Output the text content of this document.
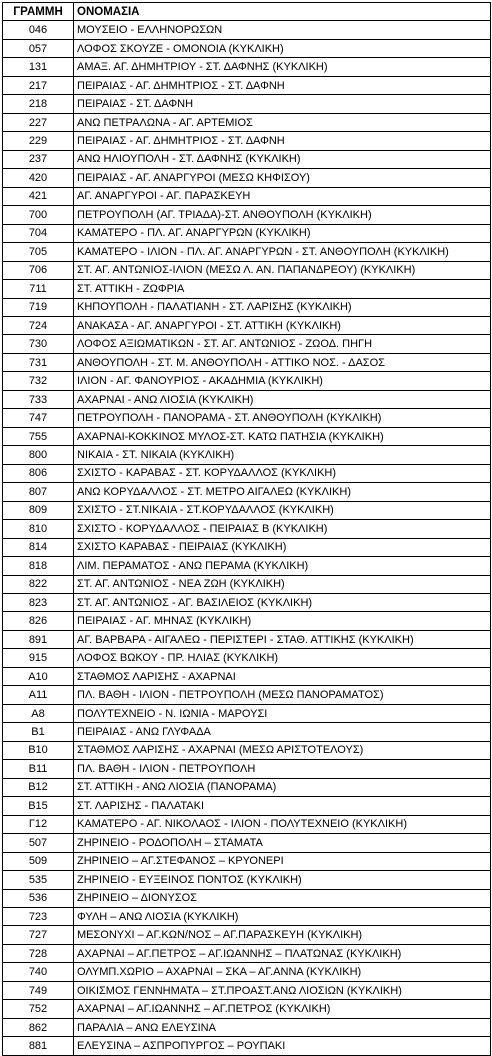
ΓΡΑΜΜΗ	ΟΝΟΜΑΣΙΑ
046	ΜΟΥΣΕΙΟ - ΕΛΛΗΝΟΡΩΣΩΝ
057	ΛΟΦΟΣ ΣΚΟΥΖΕ - ΟΜΟΝΟΙΑ (ΚΥΚΛΙΚΗ)
131	ΑΜΑΞ. ΑΓ. ΔΗΜΗΤΡΙΟΥ - ΣΤ. ΔΑΦΝΗΣ (ΚΥΚΛΙΚΗ)
217	ΠΕΙΡΑΙΑΣ - ΑΓ. ΔΗΜΗΤΡΙΟΣ - ΣΤ. ΔΑΦΝΗ
218	ΠΕΙΡΑΙΑΣ - ΣΤ. ΔΑΦΝΗ
227	ΑΝΩ ΠΕΤΡΑΛΩΝΑ - ΑΓ. ΑΡΤΕΜΙΟΣ
229	ΠΕΙΡΑΙΑΣ - ΑΓ. ΔΗΜΗΤΡΙΟΣ - ΣΤ. ΔΑΦΝΗ
237	ΑΝΩ ΗΛΙΟΥΠΟΛΗ - ΣΤ. ΔΑΦΝΗΣ (ΚΥΚΛΙΚΗ)
420	ΠΕΙΡΑΙΑΣ - ΑΓ. ΑΝΑΡΓΥΡΟΙ (ΜΕΣΩ ΚΗΦΙΣΟΥ)
421	ΑΓ. ΑΝΑΡΓΥΡΟΙ - ΑΓ. ΠΑΡΑΣΚΕΥΗ
700	ΠΕΤΡΟΥΠΟΛΗ (ΑΓ. ΤΡΙΑΔΑ)-ΣΤ. ΑΝΘΟΥΠΟΛΗ (ΚΥΚΛΙΚΗ)
704	ΚΑΜΑΤΕΡΟ - ΠΛ. ΑΓ. ΑΝΑΡΓΥΡΩΝ (ΚΥΚΛΙΚΗ)
705	ΚΑΜΑΤΕΡΟ - ΙΛΙΟΝ - ΠΛ. ΑΓ. ΑΝΑΡΓΥΡΩΝ - ΣΤ. ΑΝΘΟΥΠΟΛΗ (ΚΥΚΛΙΚΗ)
706	ΣΤ. ΑΓ. ΑΝΤΩΝΙΟΣ-ΙΛΙΟΝ (ΜΕΣΩ Λ. ΑΝ. ΠΑΠΑΝΔΡΕΟΥ) (ΚΥΚΛΙΚΗ)
711	ΣΤ. ΑΤΤΙΚΗ - ΖΩΦΡΙΑ
719	ΚΗΠΟΥΠΟΛΗ - ΠΑΛΑΤΙΑΝΗ - ΣΤ. ΛΑΡΙΣΗΣ (ΚΥΚΛΙΚΗ)
724	ΑΝΑΚΑΣΑ - ΑΓ. ΑΝΑΡΓΥΡΟΙ - ΣΤ. ΑΤΤΙΚΗ (ΚΥΚΛΙΚΗ)
730	ΛΟΦΟΣ ΑΞΙΩΜΑΤΙΚΩΝ - ΣΤ. ΑΓ. ΑΝΤΩΝΙΟΣ - ΖΩΟΔ. ΠΗΓΗ
731	ΑΝΘΟΥΠΟΛΗ - ΣΤ. Μ. ΑΝΘΟΥΠΟΛΗ - ΑΤΤΙΚΟ ΝΟΣ. - ΔΑΣΟΣ
732	ΙΛΙΟΝ - ΑΓ. ΦΑΝΟΥΡΙΟΣ - ΑΚΑΔΗΜΙΑ (ΚΥΚΛΙΚΗ)
733	ΑΧΑΡΝΑΙ - ΑΝΩ ΛΙΟΣΙΑ (ΚΥΚΛΙΚΗ)
747	ΠΕΤΡΟΥΠΟΛΗ - ΠΑΝΟΡΑΜΑ - ΣΤ. ΑΝΘΟΥΠΟΛΗ (ΚΥΚΛΙΚΗ)
755	ΑΧΑΡΝΑΙ-ΚΟΚΚΙΝΟΣ ΜΥΛΟΣ-ΣΤ. ΚΑΤΩ ΠΑΤΗΣΙΑ (ΚΥΚΛΙΚΗ)
800	ΝΙΚΑΙΑ - ΣΤ. ΝΙΚΑΙΑ (ΚΥΚΛΙΚΗ)
806	ΣΧΙΣΤΟ - ΚΑΡΑΒΑΣ - ΣΤ. ΚΟΡΥΔΑΛΛΟΣ (ΚΥΚΛΙΚΗ)
807	ΑΝΩ ΚΟΡΥΔΑΛΛΟΣ - ΣΤ. ΜΕΤΡΟ ΑΙΓΑΛΕΩ (ΚΥΚΛΙΚΗ)
809	ΣΧΙΣΤΟ - ΣΤ.ΝΙΚΑΙΑ - ΣΤ.ΚΟΡΥΔΑΛΛΟΣ (ΚΥΚΛΙΚΗ)
810	ΣΧΙΣΤΟ - ΚΟΡΥΔΑΛΛΟΣ - ΠΕΙΡΑΙΑΣ Β (ΚΥΚΛΙΚΗ)
814	ΣΧΙΣΤΟ ΚΑΡΑΒΑΣ - ΠΕΙΡΑΙΑΣ (ΚΥΚΛΙΚΗ)
818	ΛΙΜ. ΠΕΡΑΜΑΤΟΣ - ΑΝΩ ΠΕΡΑΜΑ (ΚΥΚΛΙΚΗ)
822	ΣΤ. ΑΓ. ΑΝΤΩΝΙΟΣ - ΝΕΑ ΖΩΗ (ΚΥΚΛΙΚΗ)
823	ΣΤ. ΑΓ. ΑΝΤΩΝΙΟΣ - ΑΓ. ΒΑΣΙΛΕΙΟΣ (ΚΥΚΛΙΚΗ)
826	ΠΕΙΡΑΙΑΣ - ΑΓ. ΜΗΝΑΣ (ΚΥΚΛΙΚΗ)
891	ΑΓ. ΒΑΡΒΑΡΑ - ΑΙΓΑΛΕΩ - ΠΕΡΙΣΤΕΡΙ - ΣΤΑΘ. ΑΤΤΙΚΗΣ (ΚΥΚΛΙΚΗ)
915	ΛΟΦΟΣ ΒΩΚΟΥ - ΠΡ. ΗΛΙΑΣ (ΚΥΚΛΙΚΗ)
Α10	ΣΤΑΘΜΟΣ ΛΑΡΙΣΗΣ - ΑΧΑΡΝΑΙ
Α11	ΠΛ. ΒΑΘΗ - ΙΛΙΟΝ - ΠΕΤΡΟΥΠΟΛΗ (ΜΕΣΩ ΠΑΝΟΡΑΜΑΤΟΣ)
Α8	ΠΟΛΥΤΕΧΝΕΙΟ - Ν. ΙΩΝΙΑ - ΜΑΡΟΥΣΙ
Β1	ΠΕΙΡΑΙΑΣ - ΑΝΩ ΓΛΥΦΑΔΑ
Β10	ΣΤΑΘΜΟΣ ΛΑΡΙΣΗΣ - ΑΧΑΡΝΑΙ (ΜΕΣΩ ΑΡΙΣΤΟΤΕΛΟΥΣ)
Β11	ΠΛ. ΒΑΘΗ - ΙΛΙΟΝ - ΠΕΤΡΟΥΠΟΛΗ
Β12	ΣΤ. ΑΤΤΙΚΗ - ΑΝΩ ΛΙΟΣΙΑ (ΠΑΝΟΡΑΜΑ)
Β15	ΣΤ. ΛΑΡΙΣΗΣ - ΠΑΛΑΤΑΚΙ
Γ12	ΚΑΜΑΤΕΡΟ - ΑΓ. ΝΙΚΟΛΑΟΣ - ΙΛΙΟΝ - ΠΟΛΥΤΕΧΝΕΙΟ (ΚΥΚΛΙΚΗ)
507	ΖΗΡΙΝΕΙΟ - ΡΟΔΟΠΟΛΗ – ΣΤΑΜΑΤΑ
509	ΖΗΡΙΝΕΙΟ – ΑΓ.ΣΤΕΦΑΝΟΣ – ΚΡΥΟΝΕΡΙ
535	ΖΗΡΙΝΕΙΟ - ΕΥΞΕΙΝΟΣ ΠΟΝΤΟΣ (ΚΥΚΛΙΚΗ)
536	ΖΗΡΙΝΕΙΟ – ΔΙΟΝΥΣΟΣ
723	ΦΥΛΗ – ΑΝΩ ΛΙΟΣΙΑ (ΚΥΚΛΙΚΗ)
727	ΜΕΣΟΝΥΧΙ – ΑΓ.ΚΩΝ/ΝΟΣ – ΑΓ.ΠΑΡΑΣΚΕΥΗ (ΚΥΚΛΙΚΗ)
728	ΑΧΑΡΝΑΙ – ΑΓ.ΠΕΤΡΟΣ – ΑΓ.ΙΩΑΝΝΗΣ – ΠΛΑΤΩΝΑΣ (ΚΥΚΛΙΚΗ)
740	ΟΛΥΜΠ.ΧΩΡΙΟ – ΑΧΑΡΝΑΙ – ΣΚΑ – ΑΓ.ΑΝΝΑ (ΚΥΚΛΙΚΗ)
749	ΟΙΚΙΣΜΟΣ ΓΕΝΝΗΜΑΤΑ – ΣΤ.ΠΡΟΑΣΤ.ΑΝΩ ΛΙΟΣΙΩΝ (ΚΥΚΛΙΚΗ)
752	ΑΧΑΡΝΑΙ – ΑΓ.ΙΩΑΝΝΗΣ – ΑΓ.ΠΕΤΡΟΣ (ΚΥΚΛΙΚΗ)
862	ΠΑΡΑΛΙΑ – ΑΝΩ ΕΛΕΥΣΙΝΑ
881	ΕΛΕΥΣΙΝΑ – ΑΣΠΡΟΠΥΡΓΟΣ – ΡΟΥΠΑΚΙ
